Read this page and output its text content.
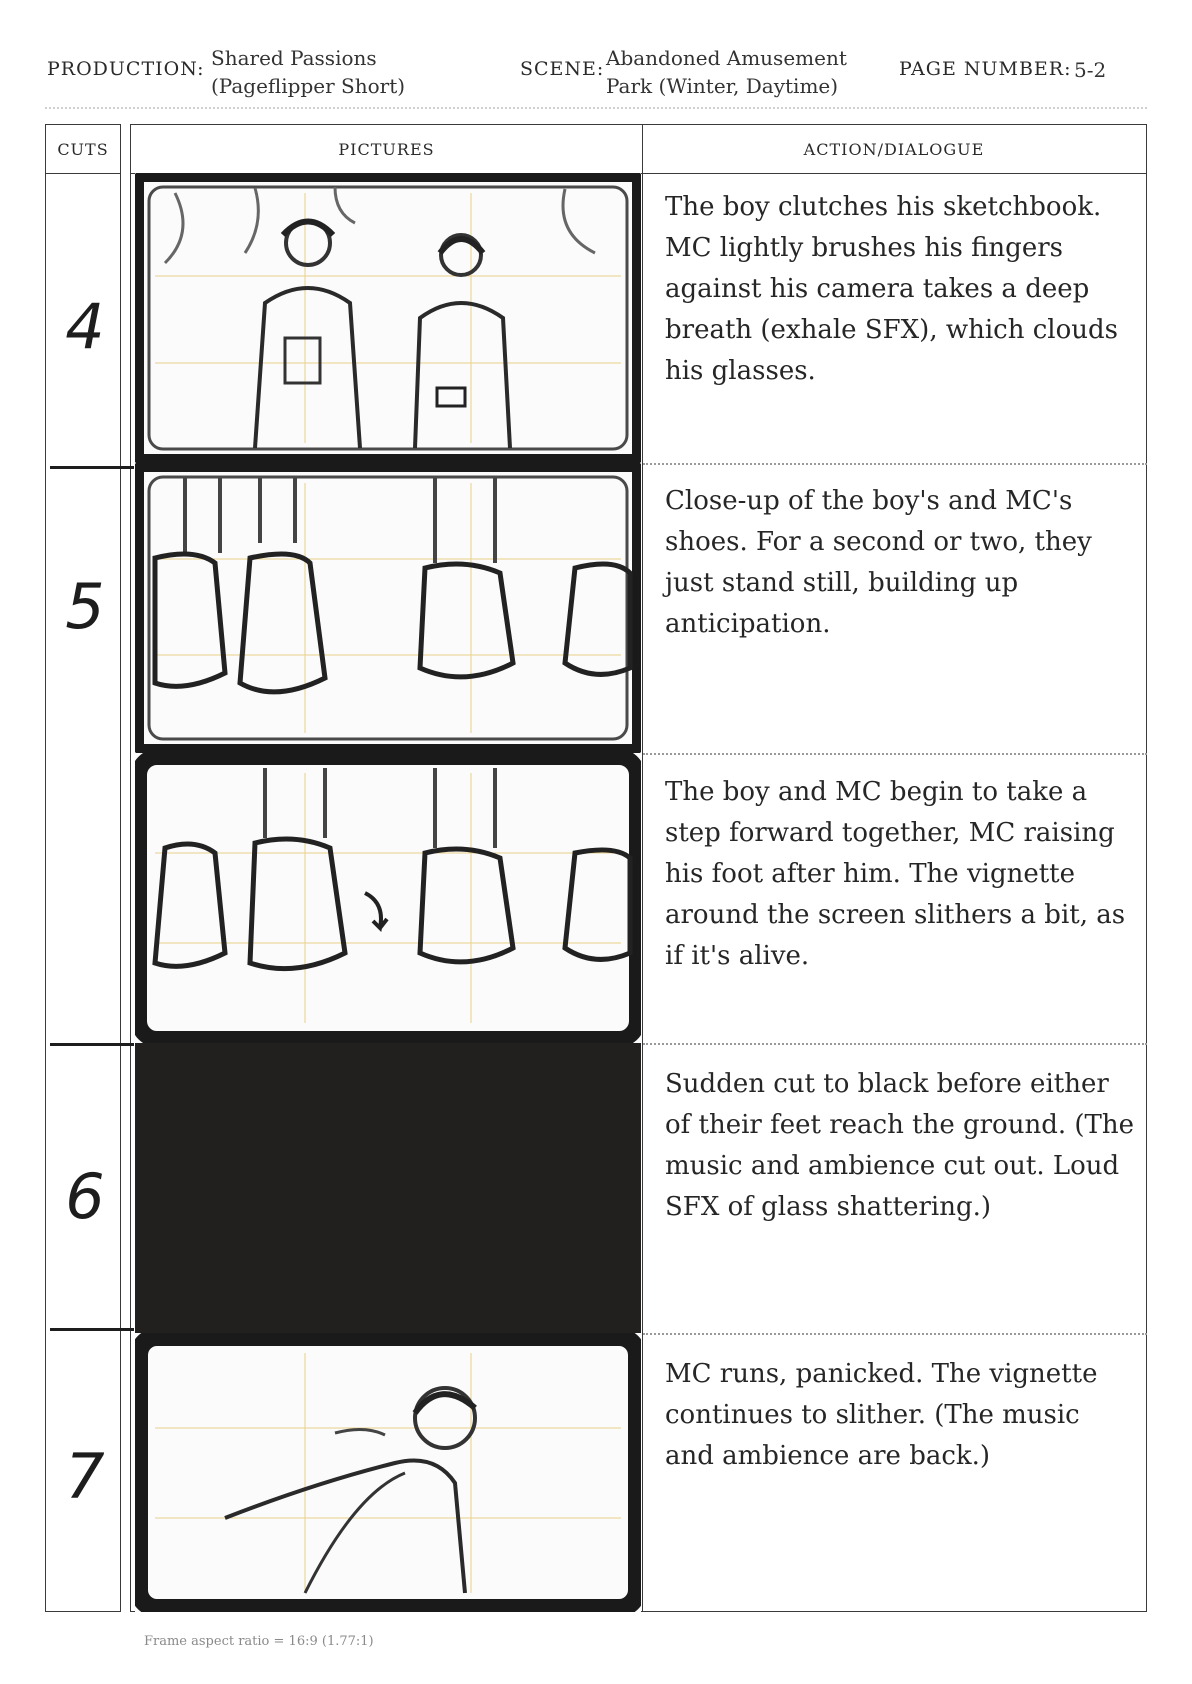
PRODUCTION: Shared Passions
(Pageflipper Short)
SCENE: Abandoned Amusement
Park (Winter, Daytime)
PAGE NUMBER: 5-2
CUTS	PICTURES	ACTION/DIALOGUE
The boy clutches his sketchbook. MC lightly brushes his fingers against his camera takes a deep breath (exhale SFX), which clouds his glasses.
Close-up of the boy's and MC's shoes. For a second or two, they just stand still, building up anticipation.
The boy and MC begin to take a step forward together, MC raising his foot after him. The vignette around the screen slithers a bit, as if it's alive.
Sudden cut to black before either of their feet reach the ground. (The music and ambience cut out. Loud SFX of glass shattering.)
MC runs, panicked. The vignette continues to slither. (The music and ambience are back.)
4
5
6
7
Frame aspect ratio = 16:9 (1.77:1)
